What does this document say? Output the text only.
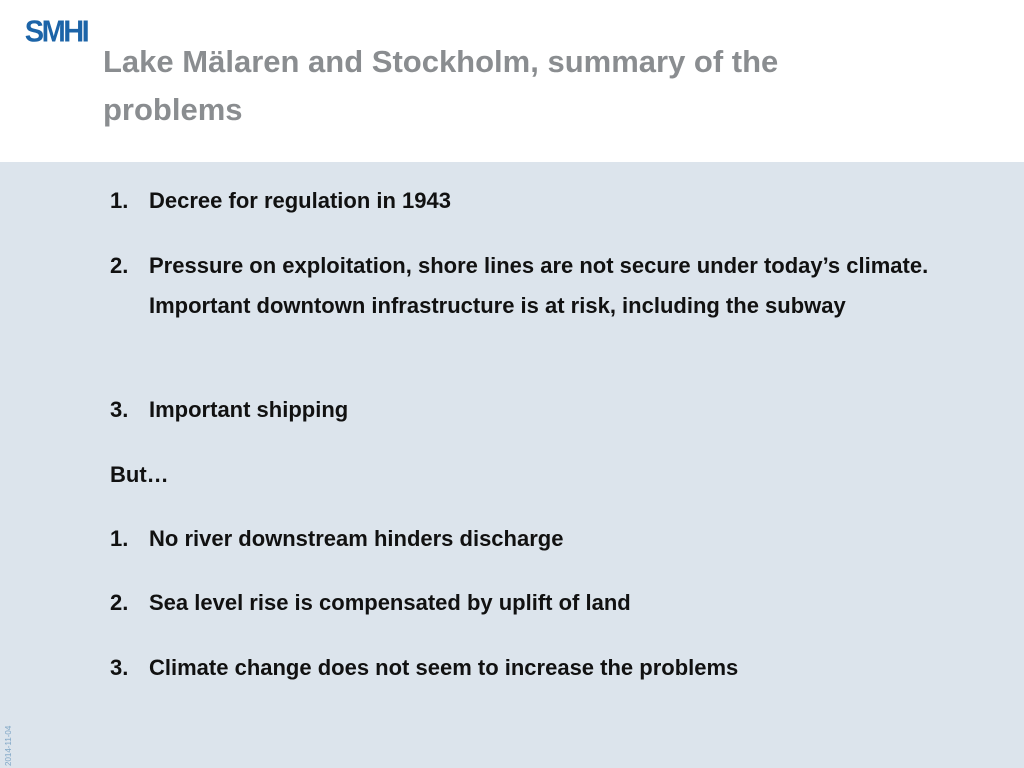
SMHI
Lake Mälaren and Stockholm, summary of the problems
1. Decree for regulation in 1943
2. Pressure on exploitation, shore lines are not secure under today’s climate. Important downtown infrastructure is at risk, including the subway
3. Important shipping
But…
1. No river downstream hinders discharge
2. Sea level rise is compensated by uplift of land
3. Climate change does not seem to increase the problems
2014-11-04
